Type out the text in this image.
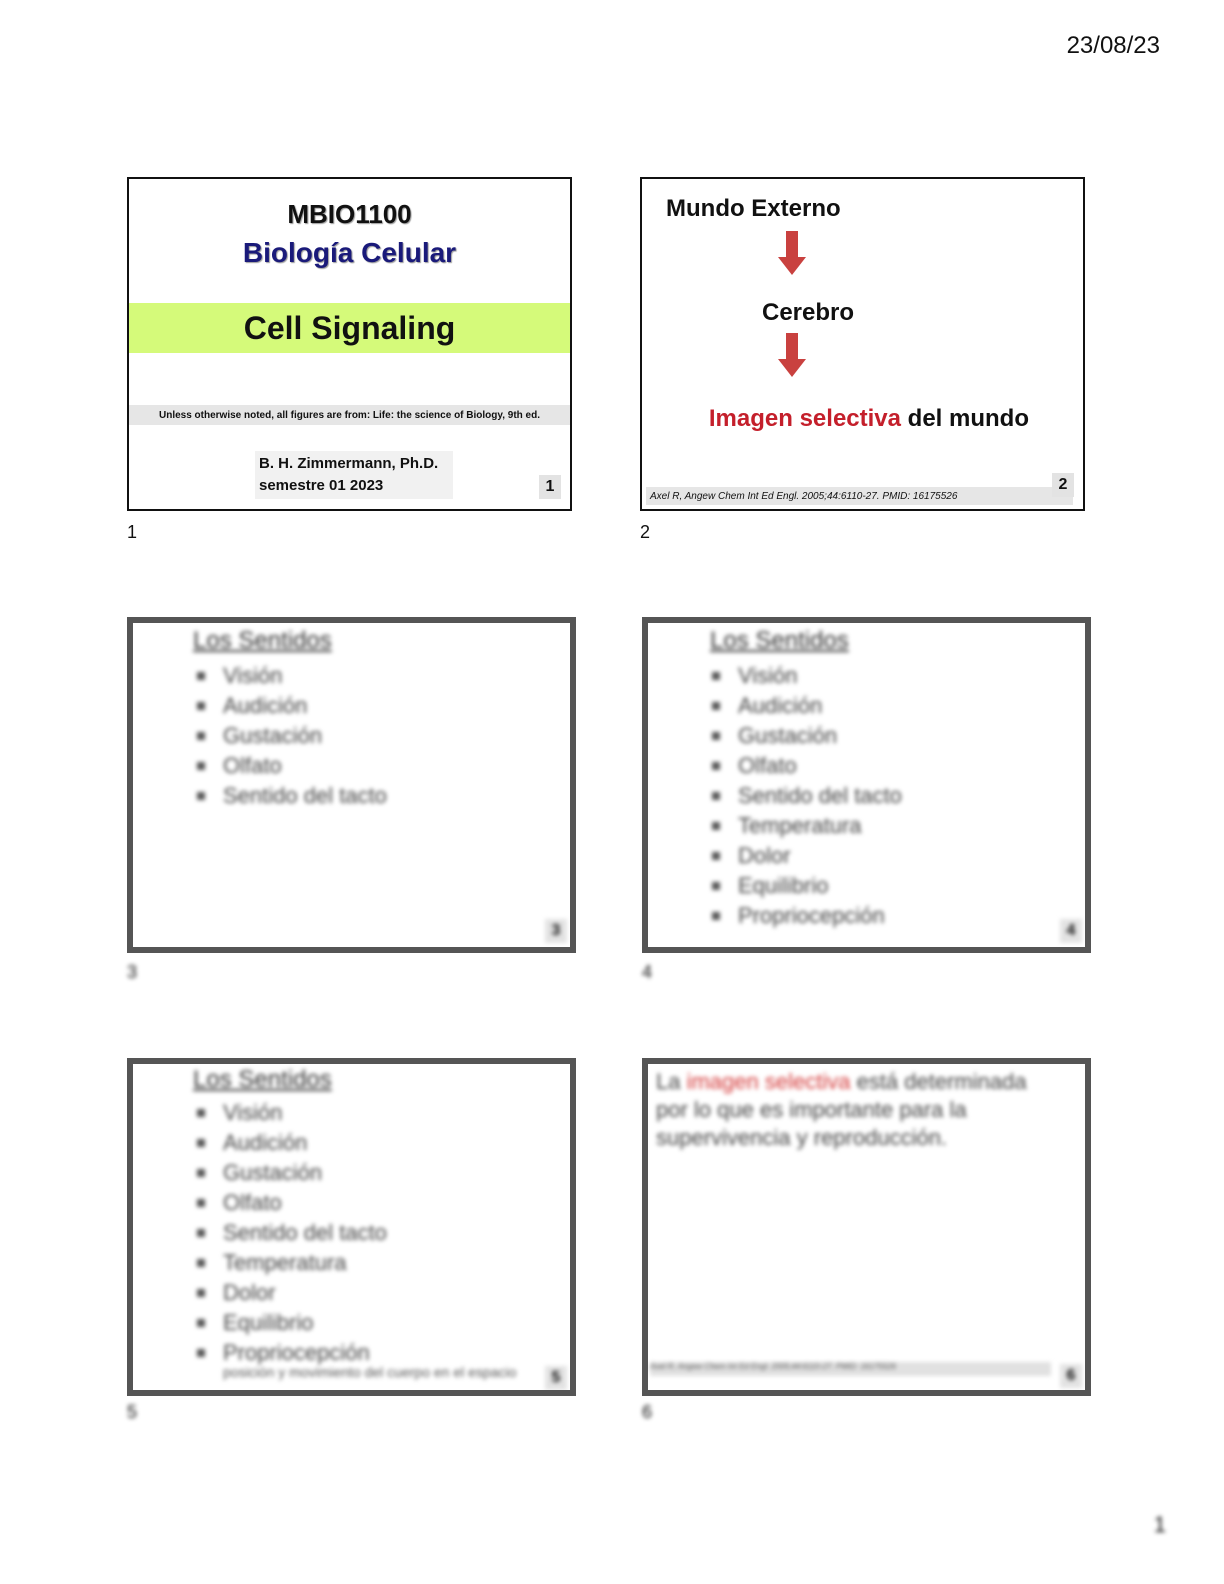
23/08/23
MBIO1100
Biología Celular
Cell Signaling
Unless otherwise noted, all figures are from: Life: the science of Biology, 9th ed.
B. H. Zimmermann, Ph.D.
semestre 01 2023	1
1
Mundo Externo
Cerebro
Imagen selectiva del mundo
Axel R, Angew Chem Int Ed Engl. 2005;44:6110-27. PMID: 16175526
2
2
Los Sentidos
Visión
Audición
Gustación
Olfato
Sentido del tacto
3
3
Los Sentidos
Visión
Audición
Gustación
Olfato
Sentido del tacto
Temperatura
Dolor
Equilibrio
Propriocepción
4
4
Los Sentidos
Visión
Audición
Gustación
Olfato
Sentido del tacto
Temperatura
Dolor
Equilibrio
Propriocepción
posición y movimiento del cuerpo en el espacio	5
5
La imagen selectiva está determinada por lo que es importante para la supervivencia y reproducción.
Axel R, Angew Chem Int Ed Engl. 2005;44:6110-27. PMID: 16175526
6
6
1
